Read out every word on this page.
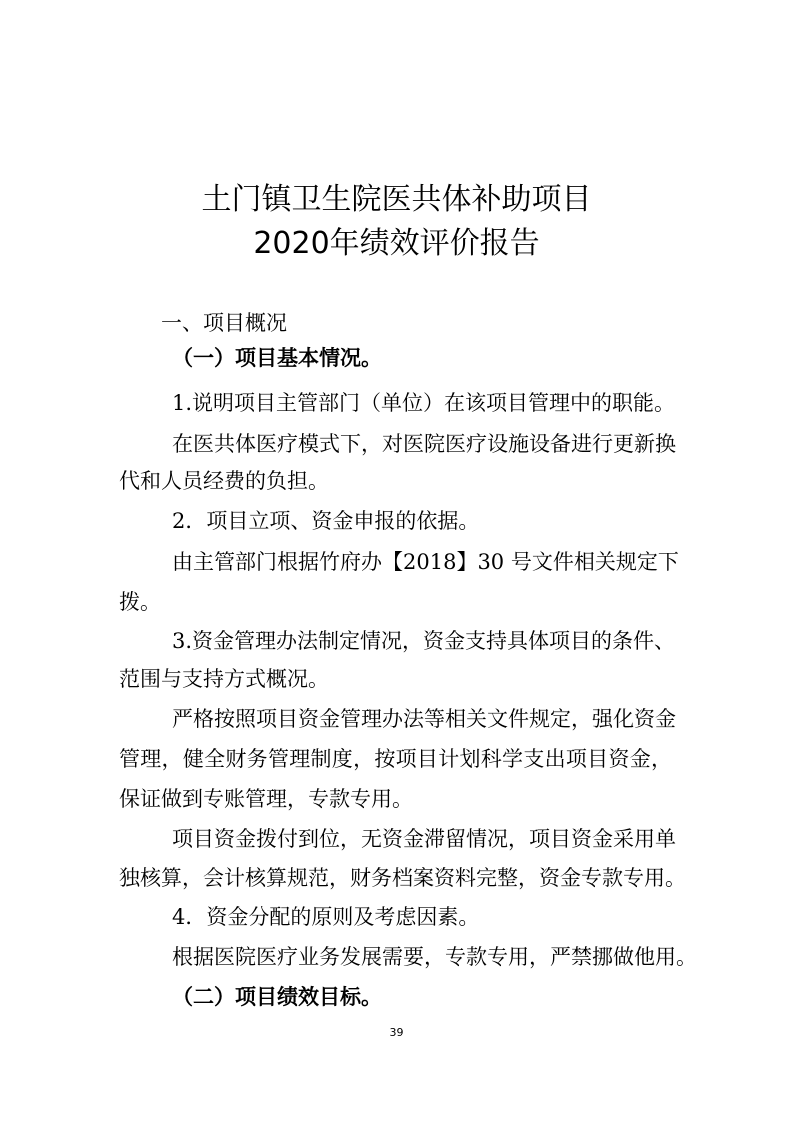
土门镇卫生院医共体补助项目
2020年绩效评价报告
一、项目概况
（一）项目基本情况。
1.说明项目主管部门（单位）在该项目管理中的职能。
在医共体医疗模式下，对医院医疗设施设备进行更新换
代和人员经费的负担。
2．项目立项、资金申报的依据。
由主管部门根据竹府办【2018】30 号文件相关规定下
拨。
3.资金管理办法制定情况，资金支持具体项目的条件、
范围与支持方式概况。
严格按照项目资金管理办法等相关文件规定，强化资金
管理，健全财务管理制度，按项目计划科学支出项目资金，
保证做到专账管理，专款专用。
项目资金拨付到位，无资金滞留情况，项目资金采用单
独核算，会计核算规范，财务档案资料完整，资金专款专用。
4．资金分配的原则及考虑因素。
根据医院医疗业务发展需要，专款专用，严禁挪做他用。
（二）项目绩效目标。
39
